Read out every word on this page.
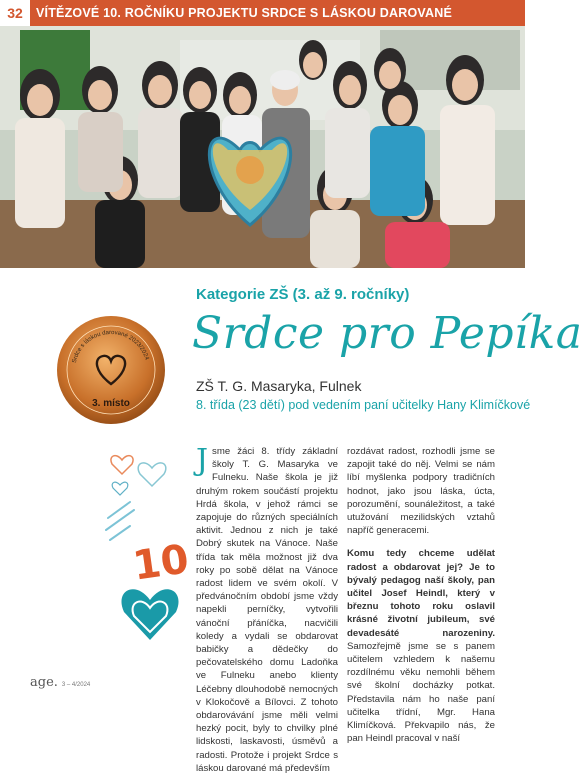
32	VÍTĚZOVÉ 10. ROČNÍKU PROJEKTU SRDCE S LÁSKOU DAROVANÉ
Kategorie ZŠ (3. až 9. ročníky)
Srdce pro Pepíka
ZŠ T. G. Masaryka, Fulnek
8. třída (23 dětí) pod vedením paní učitelky Hany Klimíčkové
Srdce s láskou darované 2023/2024
3. místo
10
J sme žáci 8. třídy základní školy T. G. Masaryka ve Fulneku. Naše škola je již druhým rokem součástí projektu Hrdá škola, v jehož rámci se zapojuje do různých speciálních aktivit. Jednou z nich je také Dobrý skutek na Vánoce. Naše třída tak měla možnost již dva roky po sobě dělat na Vánoce radost lidem ve svém okolí. V předvánočním období jsme vždy napekli perníčky, vytvořili vánoční přáníčka, nacvičili koledy a vydali se obdarovat babičky a dědečky do pečovatelského domu Ladoňka ve Fulneku anebo klienty Léčebny dlouhodobě nemocných v Klokočově a Bílovci. Z tohoto obdarovávání jsme měli velmi hezký pocit, byly to chvilky plné lidskosti, laskavosti, úsměvů a radosti. Protože i projekt Srdce s láskou darované má především

rozdávat radost, rozhodli jsme se zapojit také do něj. Velmi se nám líbí myšlenka podpory tradičních hodnot, jako jsou láska, úcta, porozumění, sounáležitost, a také utužování mezilidských vztahů napříč generacemi.

Komu tedy chceme udělat radost a obdarovat jej? Je to bývalý pedagog naší školy, pan učitel Josef Heindl, který v březnu tohoto roku oslavil krásné životní jubileum, své devadesáté narozeniny. Samozřejmě jsme se s panem učitelem vzhledem k našemu rozdílnému věku nemohli během své školní docházky potkat. Představila nám ho naše paní učitelka třídní, Mgr. Hana Klimíčková. Překvapilo nás, že pan Heindl pracoval v naší

age. 3 – 4/2024
